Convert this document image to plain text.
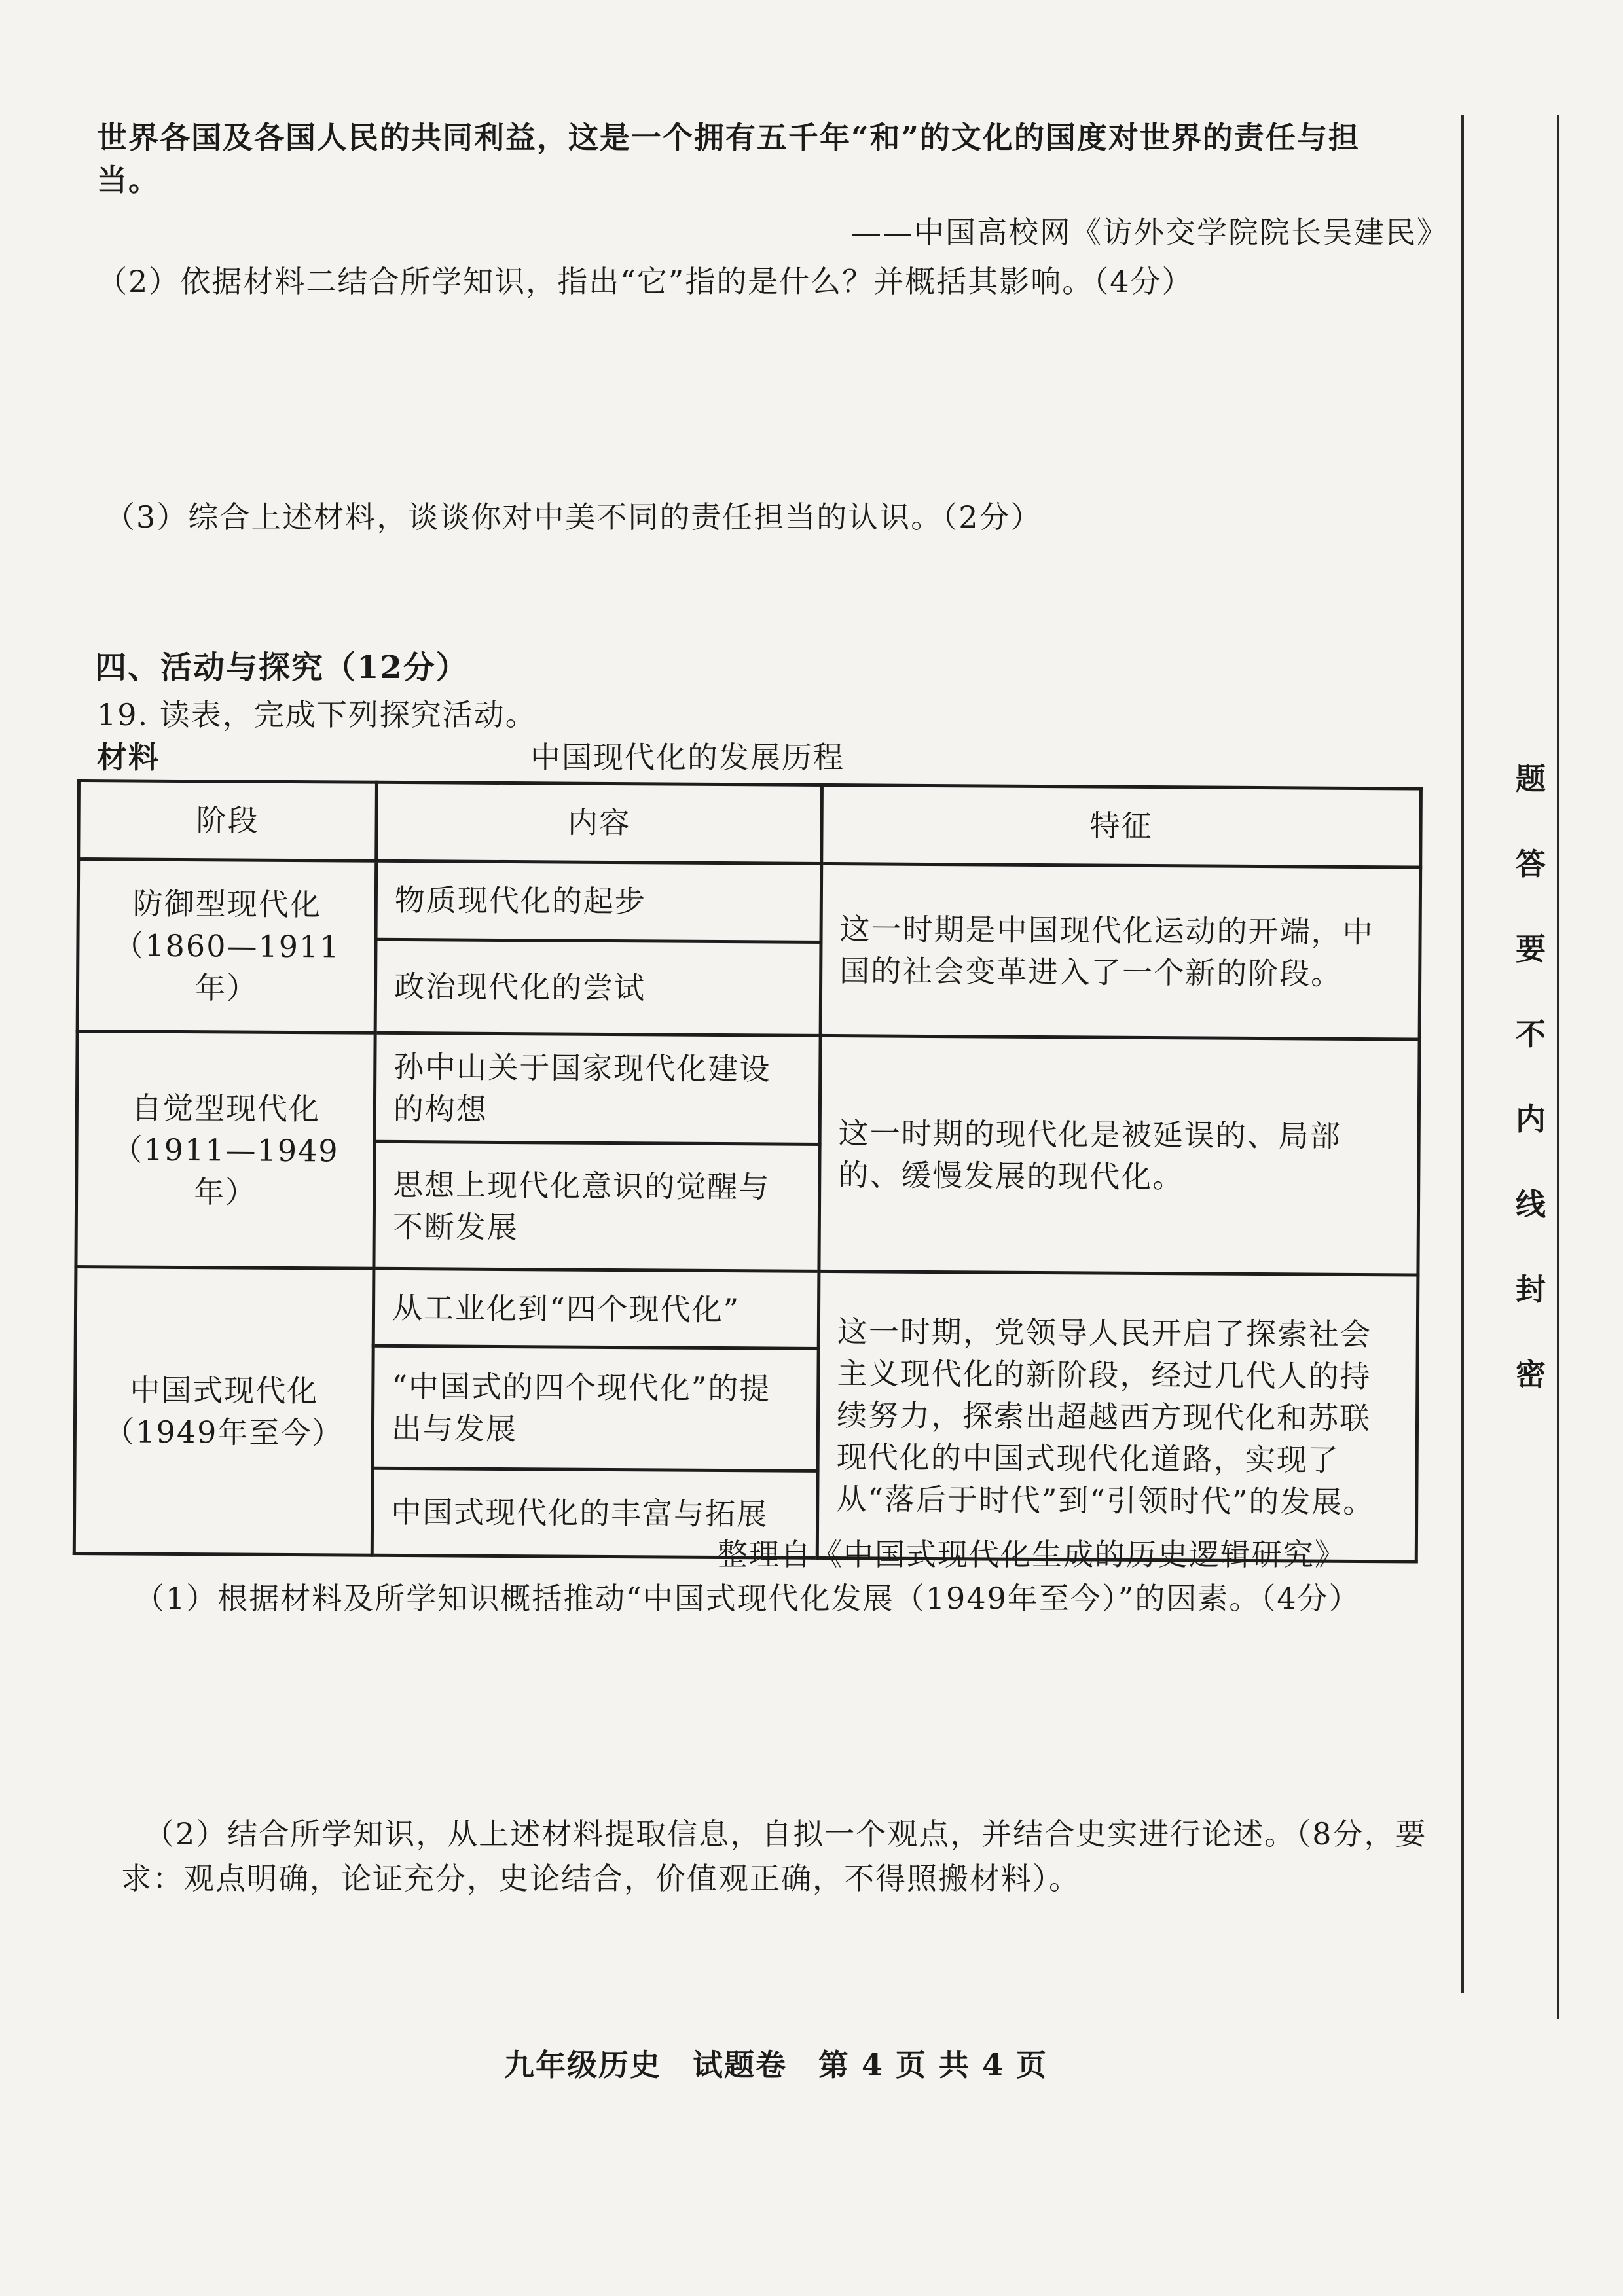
世界各国及各国人民的共同利益，这是一个拥有五千年“和”的文化的国度对世界的责任与担
当。
——中国高校网《访外交学院院长吴建民》
（2）依据材料二结合所学知识，指出“它”指的是什么？并概括其影响。（4分）
（3）综合上述材料，谈谈你对中美不同的责任担当的认识。（2分）
四、活动与探究（12分）
19. 读表，完成下列探究活动。
材料	中国现代化的发展历程
阶段	内容	特征

防御型现代化
（1860—1911年）	物质现代化的起步	这一时期是中国现代化运动的开端，中国的社会变革进入了一个新的阶段。
	政治现代化的尝试	

自觉型现代化
（1911—1949年）	孙中山关于国家现代化建设的构想	这一时期的现代化是被延误的、局部的、缓慢发展的现代化。
	思想上现代化意识的觉醒与不断发展	

中国式现代化
（1949年至今）	从工业化到“四个现代化”	这一时期，党领导人民开启了探索社会主义现代化的新阶段，经过几代人的持续努力，探索出超越西方现代化和苏联现代化的中国式现代化道路，实现了从“落后于时代”到“引领时代”的发展。
	“中国式的四个现代化”的提出与发展	
	中国式现代化的丰富与拓展	
——整理自《中国式现代化生成的历史逻辑研究》
（1）根据材料及所学知识概括推动“中国式现代化发展（1949年至今）”的因素。（4分）
（2）结合所学知识，从上述材料提取信息，自拟一个观点，并结合史实进行论述。（8分，要
求：观点明确，论证充分，史论结合，价值观正确，不得照搬材料）。
九年级历史　试题卷　第 4 页 共 4 页
题
答
要
不
内
线
封
密
